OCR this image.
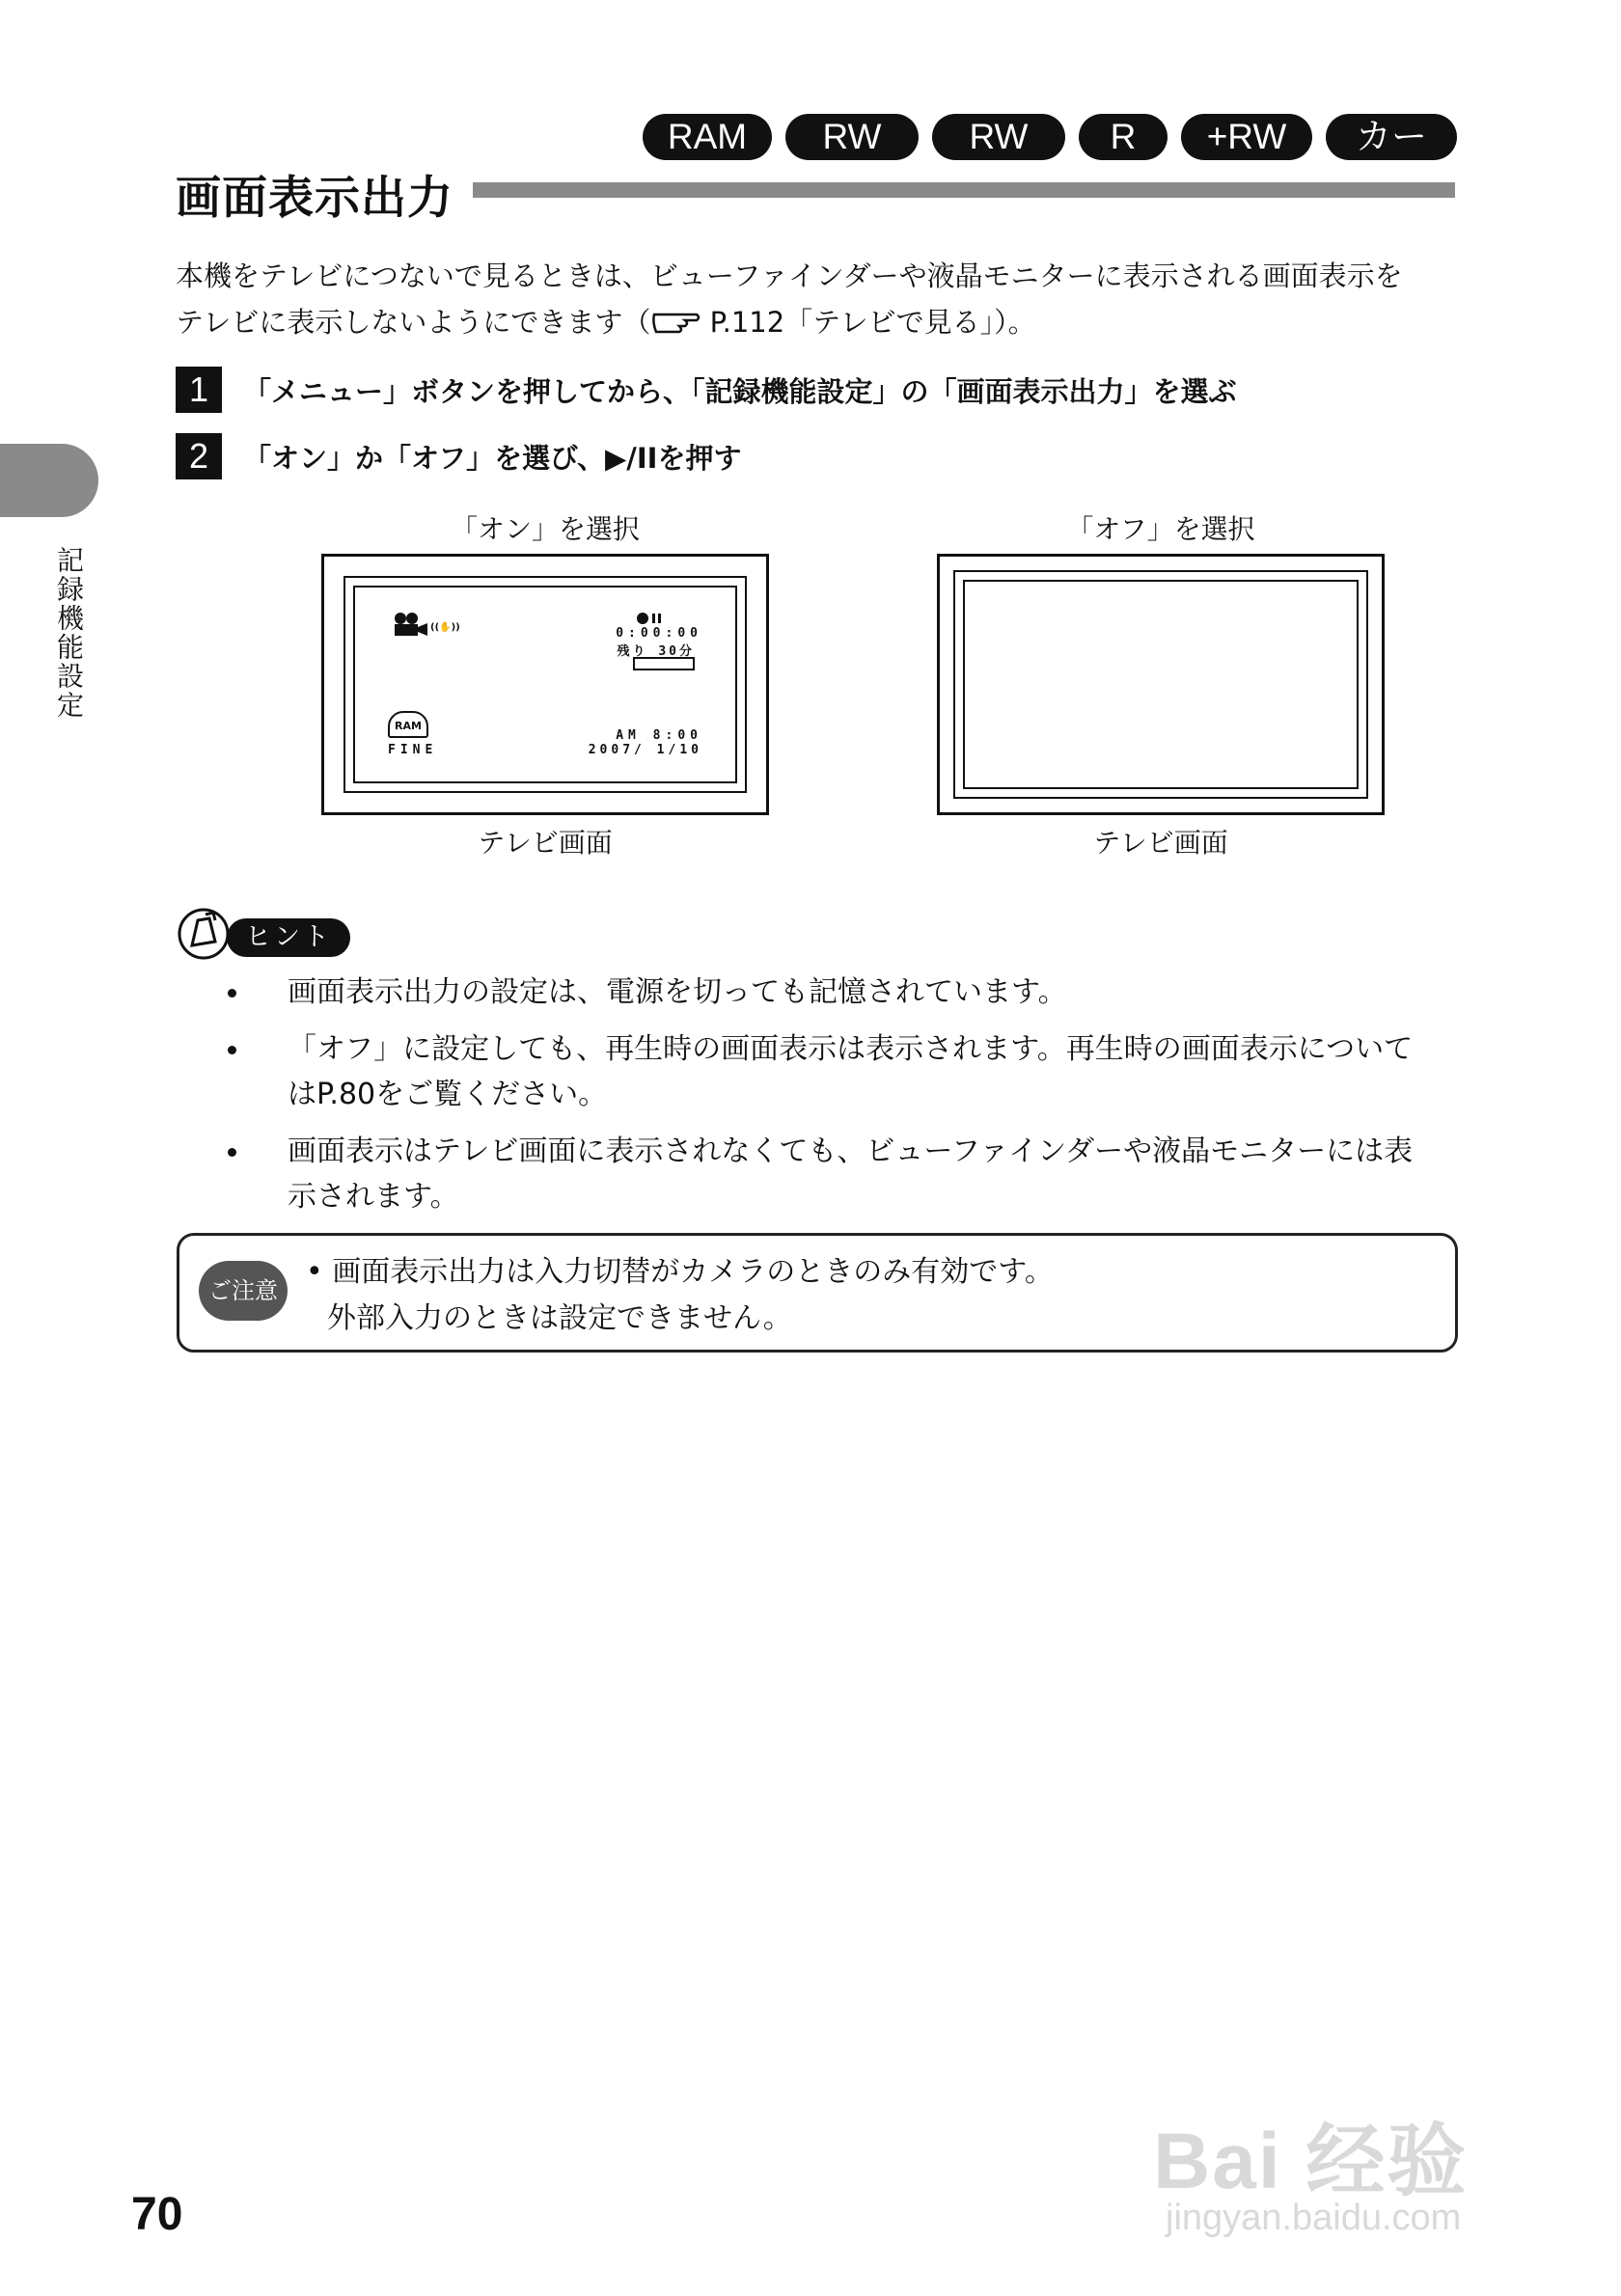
RAM	RW	RW	R	+RW	カー
画面表示出力
本機をテレビにつないで見るときは、ビューファインダーや液晶モニターに表示される画面表示を
テレビに表示しないようにできます（ P.112「テレビで見る」）。
1	「メニュー」ボタンを押してから、「記録機能設定」の「画面表示出力」を選ぶ
2	「オン」か「オフ」を選び、▶/IIを押す
「オン」を選択
((✋))	0:00:00
残り 30分
RAM
FINE
AM 8:00
2007/ 1/10
テレビ画面
「オフ」を選択
テレビ画面
ヒント
画面表示出力の設定は、電源を切っても記憶されています。
「オフ」に設定しても、再生時の画面表示は表示されます。再生時の画面表示について
はP.80をご覧ください。
画面表示はテレビ画面に表示されなくても、ビューファインダーや液晶モニターには表
示されます。
ご注意
• 画面表示出力は入力切替がカメラのときのみ有効です。
外部入力のときは設定できません。
記録機能設定
70
Bai 经验
jingyan.baidu.com
